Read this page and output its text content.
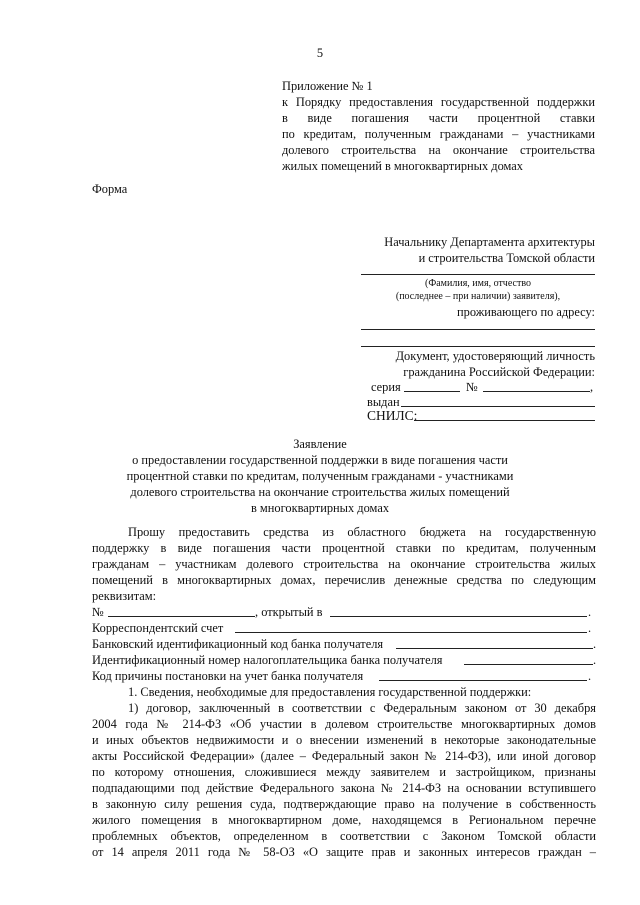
5
Приложение № 1
к Порядку предоставления государственной поддержки
в виде погашения части процентной ставки
по кредитам, полученным гражданами – участниками
долевого строительства на окончание строительства
жилых помещений в многоквартирных домах
Форма
Начальнику Департамента архитектуры
и строительства Томской области
(Фамилия, имя, отчество
(последнее – при наличии) заявителя),
проживающего по адресу:
Документ, удостоверяющий личность
гражданина Российской Федерации:
серия	№	,
выдан
СНИЛС:
Заявление
о предоставлении государственной поддержки в виде погашения части
процентной ставки по кредитам, полученным гражданами - участниками
долевого строительства на окончание строительства жилых помещений
в многоквартирных домах
Прошу предоставить средства из областного бюджета на государственную
поддержку в виде погашения части процентной ставки по кредитам, полученным
гражданам – участникам долевого строительства на окончание строительства жилых
помещений в многоквартирных домах, перечислив денежные средства по следующим
реквизитам:
№	, открытый в	.
Корреспондентский счет	.
Банковский идентификационный код банка получателя	.
Идентификационный номер налогоплательщика банка получателя	.
Код причины постановки на учет банка получателя	.
1. Сведения, необходимые для предоставления государственной поддержки:
1) договор, заключенный в соответствии с Федеральным законом от 30 декабря
2004 года № 214-ФЗ «Об участии в долевом строительстве многоквартирных домов
и иных объектов недвижимости и о внесении изменений в некоторые законодательные
акты Российской Федерации» (далее – Федеральный закон № 214-ФЗ), или иной договор
по которому отношения, сложившиеся между заявителем и застройщиком, признаны
подпадающими под действие Федерального закона № 214-ФЗ на основании вступившего
в законную силу решения суда, подтверждающие право на получение в собственность
жилого помещения в многоквартирном доме, находящемся в Региональном перечне
проблемных объектов, определенном в соответствии с Законом Томской области
от 14 апреля 2011 года № 58-ОЗ «О защите прав и законных интересов граждан –
